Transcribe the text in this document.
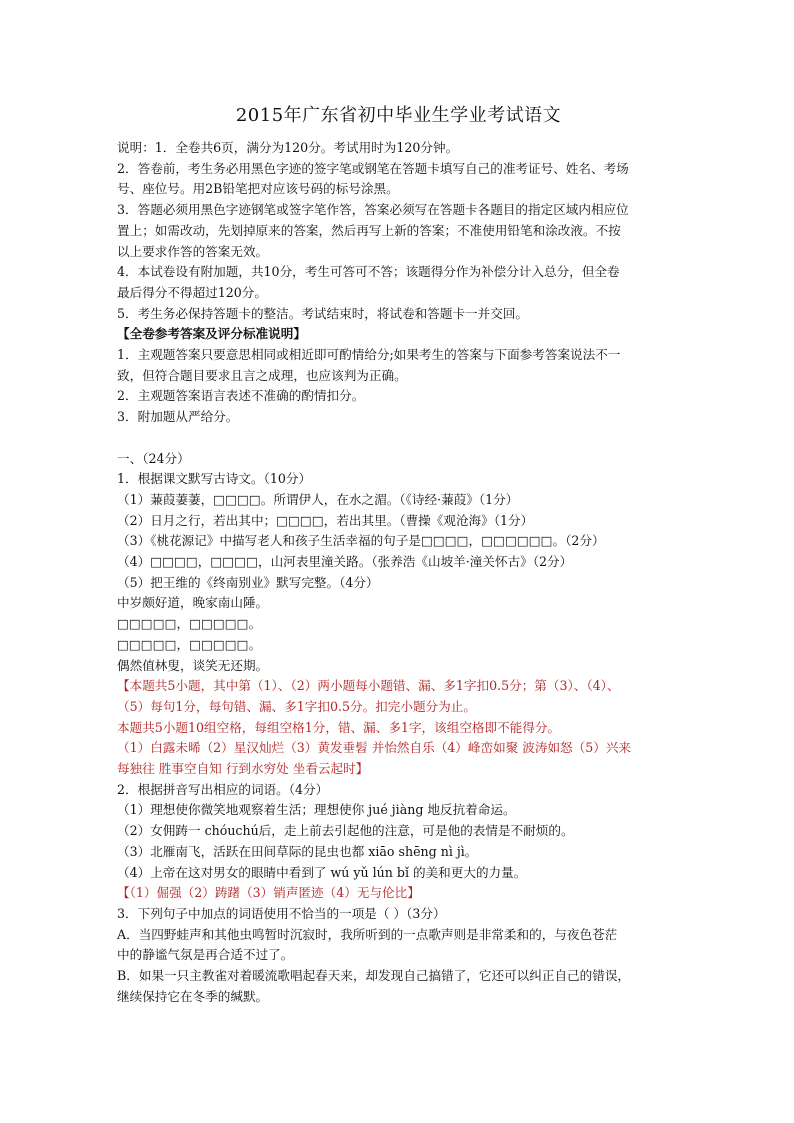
2015年广东省初中毕业生学业考试语文
说明：1．全卷共6页，满分为120分。考试用时为120分钟。
2．答卷前，考生务必用黑色字迹的签字笔或钢笔在答题卡填写自己的准考证号、姓名、考场
号、座位号。用2B铅笔把对应该号码的标号涂黑。
3．答题必须用黑色字迹钢笔或签字笔作答，答案必须写在答题卡各题目的指定区域内相应位
置上；如需改动，先划掉原来的答案，然后再写上新的答案；不准使用铅笔和涂改液。不按
以上要求作答的答案无效。
4．本试卷设有附加题，共10分，考生可答可不答；该题得分作为补偿分计入总分，但全卷
最后得分不得超过120分。
5．考生务必保持答题卡的整洁。考试结束时，将试卷和答题卡一并交回。
【全卷参考答案及评分标准说明】
1．主观题答案只要意思相同或相近即可酌情给分;如果考生的答案与下面参考答案说法不一
致，但符合题目要求且言之成理，也应该判为正确。
2．主观题答案语言表述不准确的酌情扣分。
3．附加题从严给分。
一、（24分）
1．根据课文默写古诗文。（10分）
（1）蒹葭萋萋，□□□□。所谓伊人，在水之湄。（《诗经·蒹葭》（1分）
（2）日月之行，若出其中；□□□□，若出其里。（曹操《观沧海》（1分）
（3）《桃花源记》中描写老人和孩子生活幸福的句子是□□□□，□□□□□□。（2分）
（4）□□□□，□□□□，山河表里潼关路。（张养浩《山坡羊·潼关怀古》（2分）
（5）把王维的《终南别业》默写完整。（4分）
中岁颇好道，晚家南山陲。
□□□□□，□□□□□。
□□□□□，□□□□□。
偶然值林叟，谈笑无还期。
【本题共5小题，其中第（1）、（2）两小题每小题错、漏、多1字扣0.5分；第（3）、（4）、
（5）每句1分，每句错、漏、多1字扣0.5分。扣完小题分为止。
本题共5小题10组空格，每组空格1分，错、漏、多1字，该组空格即不能得分。
（1）白露未晞（2）星汉灿烂（3）黄发垂髫 并怡然自乐（4）峰峦如聚 波涛如怒（5）兴来
每独往 胜事空自知 行到水穷处 坐看云起时】
2．根据拼音写出相应的词语。（4分）
（1）理想使你微笑地观察着生活；理想使你 jué jiàng 地反抗着命运。
（2）女佣踌一 chóuchú后，走上前去引起他的注意，可是他的表情是不耐烦的。
（3）北雁南飞，活跃在田间草际的昆虫也都 xiāo shēng nì jì。
（4）上帝在这对男女的眼睛中看到了 wú yǔ lún bǐ 的美和更大的力量。
【（1）倔强（2）踌躇（3）销声匿迹（4）无与伦比】
3．下列句子中加点的词语使用不恰当的一项是（ ）（3分）
A．当四野蛙声和其他虫鸣暂时沉寂时，我所听到的一点歌声则是非常柔和的，与夜色苍茫
中的静谧气氛是再合适不过了。
B．如果一只主教雀对着暖流歌唱起春天来，却发现自己搞错了，它还可以纠正自己的错误，
继续保持它在冬季的缄默。
